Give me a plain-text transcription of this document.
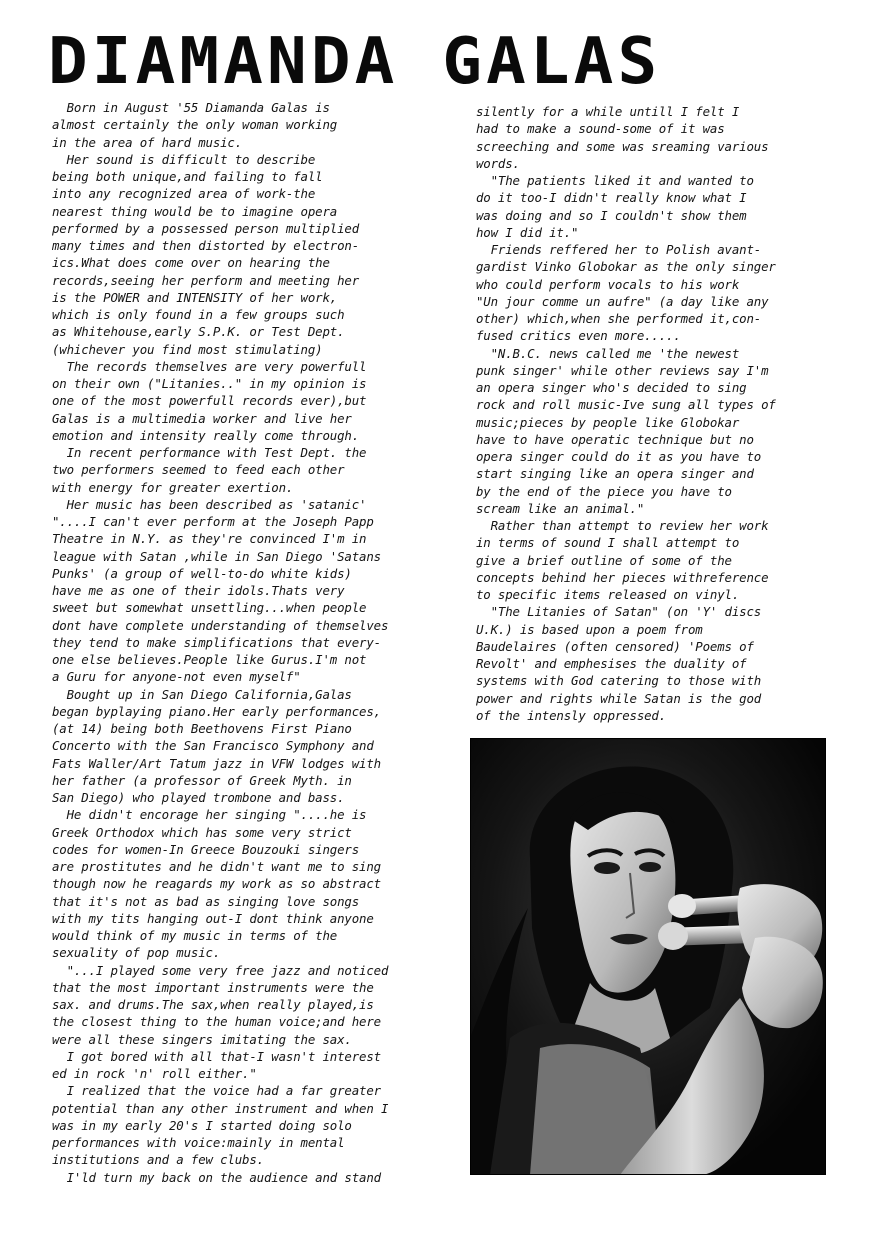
DIAMANDA GALAS
Born in August '55 Diamanda Galas is
almost certainly the only woman working
in the area of hard music.
Her sound is difficult to describe
being both unique,and failing to fall
into any recognized area of work-the
nearest thing would be to imagine opera
performed by a possessed person multiplied
many times and then distorted by electron-
ics.What does come over on hearing the
records,seeing her perform and meeting her
is the POWER and INTENSITY of her work,
which is only found in a few groups such
as Whitehouse,early S.P.K. or Test Dept.
(whichever you find most stimulating)
The records themselves are very powerfull
on their own ("Litanies.." in my opinion is
one of the most powerfull records ever),but
Galas is a multimedia worker and live her
emotion and intensity really come through.
In recent performance with Test Dept. the
two performers seemed to feed each other
with energy for greater exertion.
Her music has been described as 'satanic'
"....I can't ever perform at the Joseph Papp
Theatre in N.Y. as they're convinced I'm in
league with Satan ,while in San Diego 'Satans
Punks' (a group of well-to-do white kids)
have me as one of their idols.Thats very
sweet but somewhat unsettling...when people
dont have complete understanding of themselves
they tend to make simplifications that every-
one else believes.People like Gurus.I'm not
a Guru for anyone-not even myself"
Bought up in San Diego California,Galas
began byplaying piano.Her early performances,
(at 14) being both Beethovens First Piano
Concerto with the San Francisco Symphony and
Fats Waller/Art Tatum jazz in VFW lodges with
her father (a professor of Greek Myth. in
San Diego) who played trombone and bass.
He didn't encorage her singing "....he is
Greek Orthodox which has some very strict
codes for women-In Greece Bouzouki singers
are prostitutes and he didn't want me to sing
though now he reagards my work as so abstract
that it's not as bad as singing love songs
with my tits hanging out-I dont think anyone
would think of my music in terms of the
sexuality of pop music.
"...I played some very free jazz and noticed
that the most important instruments were the
sax. and drums.The sax,when really played,is
the closest thing to the human voice;and here
were all these singers imitating the sax.
I got bored with all that-I wasn't interest
ed in rock 'n' roll either."
I realized that the voice had a far greater
potential than any other instrument and when I
was in my early 20's I started doing solo
performances with voice:mainly in mental
institutions and a few clubs.
I'ld turn my back on the audience and stand
silently for a while untill I felt I
had to make a sound-some of it was
screeching and some was sreaming various
words.
"The patients liked it and wanted to
do it too-I didn't really know what I
was doing and so I couldn't show them
how I did it."
Friends reffered her to Polish avant-
gardist Vinko Globokar as the only singer
who could perform vocals to his work
"Un jour comme un aufre" (a day like any
other) which,when she performed it,con-
fused critics even more.....
"N.B.C. news called me 'the newest
punk singer' while other reviews say I'm
an opera singer who's decided to sing
rock and roll music-Ive sung all types of
music;pieces by people like Globokar
have to have operatic technique but no
opera singer could do it as you have to
start singing like an opera singer and
by the end of the piece you have to
scream like an animal."
Rather than attempt to review her work
in terms of sound I shall attempt to
give a brief outline of some of the
concepts behind her pieces withreference
to specific items released on vinyl.
"The Litanies of Satan" (on 'Y' discs
U.K.) is based upon a poem from
Baudelaires (often censored) 'Poems of
Revolt' and emphesises the duality of
systems with God catering to those with
power and rights while Satan is the god
of the intensly oppressed.
